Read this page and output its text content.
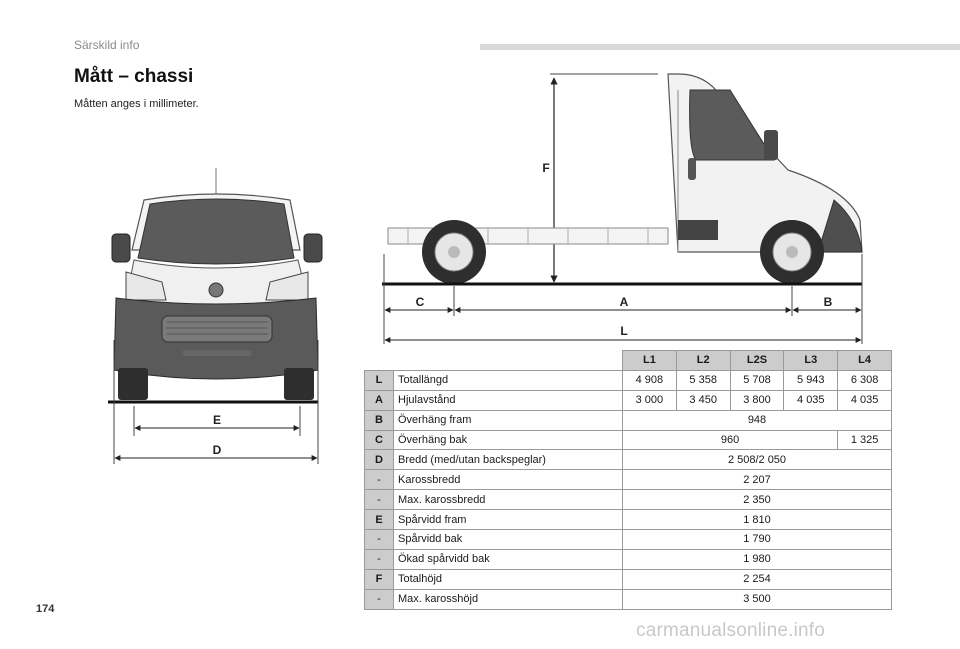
Särskild info
Mått – chassi

Måtten anges i millimeter.

E
D
F
C	A	B
L
		L1	L2	L2S	L3	L4
L	Totallängd	4 908	5 358	5 708	5 943	6 308
A	Hjulavstånd	3 000	3 450	3 800	4 035	4 035
B	Överhäng fram	948				
C	Överhäng bak	960				1 325
D	Bredd (med/utan backspeglar)	2 508/2 050				
-	Karossbredd	2 207				
-	Max. karossbredd	2 350				
E	Spårvidd fram	1 810				
-	Spårvidd bak	1 790				
-	Ökad spårvidd bak	1 980				
F	Totalhöjd	2 254				
-	Max. karosshöjd	3 500				
174
carmanualsonline.info
